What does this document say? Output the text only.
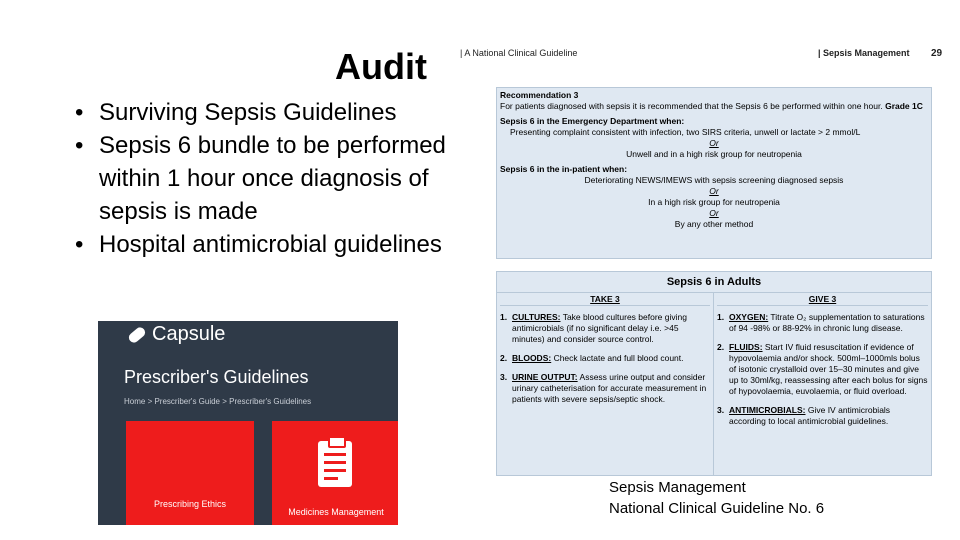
Audit
• Surviving Sepsis Guidelines
• Sepsis 6 bundle to be performed within 1 hour once diagnosis of sepsis is made
• Hospital antimicrobial guidelines
Capsule
Prescriber's Guidelines
Home > Prescriber's Guide > Prescriber's Guidelines
Prescribing Ethics
Medicines Management
| A National Clinical Guideline	| Sepsis Management 29
Recommendation 3
For patients diagnosed with sepsis it is recommended that the Sepsis 6 be performed within one hour. Grade 1C
Sepsis 6 in the Emergency Department when:
Presenting complaint consistent with infection, two SIRS criteria, unwell or lactate > 2 mmol/L
Or
Unwell and in a high risk group for neutropenia
Sepsis 6 in the in-patient when:
Deteriorating NEWS/IMEWS with sepsis screening diagnosed sepsis
Or
In a high risk group for neutropenia
Or
By any other method
Sepsis 6 in Adults
TAKE 3
1. CULTURES: Take blood cultures before giving antimicrobials (if no significant delay i.e. >45 minutes) and consider source control.
2. BLOODS: Check lactate and full blood count.
3. URINE OUTPUT: Assess urine output and consider urinary catheterisation for accurate measurement in patients with severe sepsis/septic shock.
GIVE 3
1. OXYGEN: Titrate O₂ supplementation to saturations of 94 -98% or 88-92% in chronic lung disease.
2. FLUIDS: Start IV fluid resuscitation if evidence of hypovolaemia and/or shock. 500ml–1000mls bolus of isotonic crystalloid over 15–30 minutes and give up to 30ml/kg, reassessing after each bolus for signs of hypovolaemia, euvolaemia, or fluid overload.
3. ANTIMICROBIALS: Give IV antimicrobials according to local antimicrobial guidelines.
Sepsis Management
National Clinical Guideline No. 6
